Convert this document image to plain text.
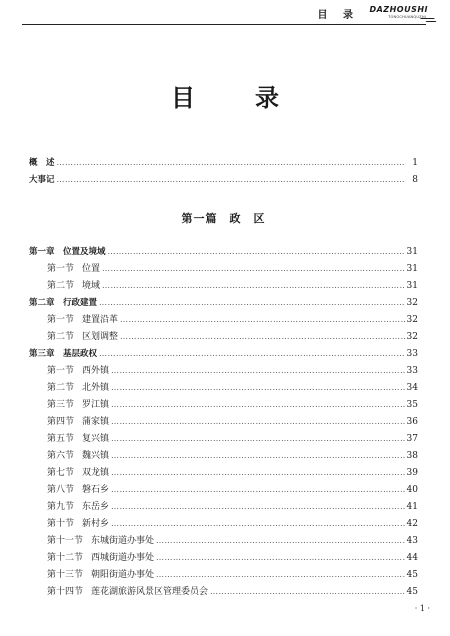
目 录
DAZHOUSHI
TONGCHUANQUZHI
目　录
概　述 ……………………………………………………………………………………………………………………………………………………………………………	1
大事记 ……………………………………………………………………………………………………………………………………………………………………………	8
第一篇　政　区
第一章　位置及境域 ……………………………………………………………………………………………………………………………………………………………………………	31
第一节 位置 ……………………………………………………………………………………………………………………………………………………………………………	31
第二节 境域 ……………………………………………………………………………………………………………………………………………………………………………	31
第二章　行政建置 ……………………………………………………………………………………………………………………………………………………………………………	32
第一节 建置沿革 ……………………………………………………………………………………………………………………………………………………………………………	32
第二节 区划调整 ……………………………………………………………………………………………………………………………………………………………………………	32
第三章　基层政权 ……………………………………………………………………………………………………………………………………………………………………………	33
第一节 西外镇 ……………………………………………………………………………………………………………………………………………………………………………	33
第二节 北外镇 ……………………………………………………………………………………………………………………………………………………………………………	34
第三节 罗江镇 ……………………………………………………………………………………………………………………………………………………………………………	35
第四节 蒲家镇 ……………………………………………………………………………………………………………………………………………………………………………	36
第五节 复兴镇 ……………………………………………………………………………………………………………………………………………………………………………	37
第六节 魏兴镇 ……………………………………………………………………………………………………………………………………………………………………………	38
第七节 双龙镇 ……………………………………………………………………………………………………………………………………………………………………………	39
第八节 磐石乡 ……………………………………………………………………………………………………………………………………………………………………………	40
第九节 东岳乡 ……………………………………………………………………………………………………………………………………………………………………………	41
第十节 新村乡 ……………………………………………………………………………………………………………………………………………………………………………	42
第十一节 东城街道办事处 ……………………………………………………………………………………………………………………………………………………………………………	43
第十二节 西城街道办事处 ……………………………………………………………………………………………………………………………………………………………………………	44
第十三节 朝阳街道办事处 ……………………………………………………………………………………………………………………………………………………………………………	45
第十四节 莲花湖旅游风景区管理委员会 ……………………………………………………………………………………………………………………………………………………………………………	45
· 1 ·
